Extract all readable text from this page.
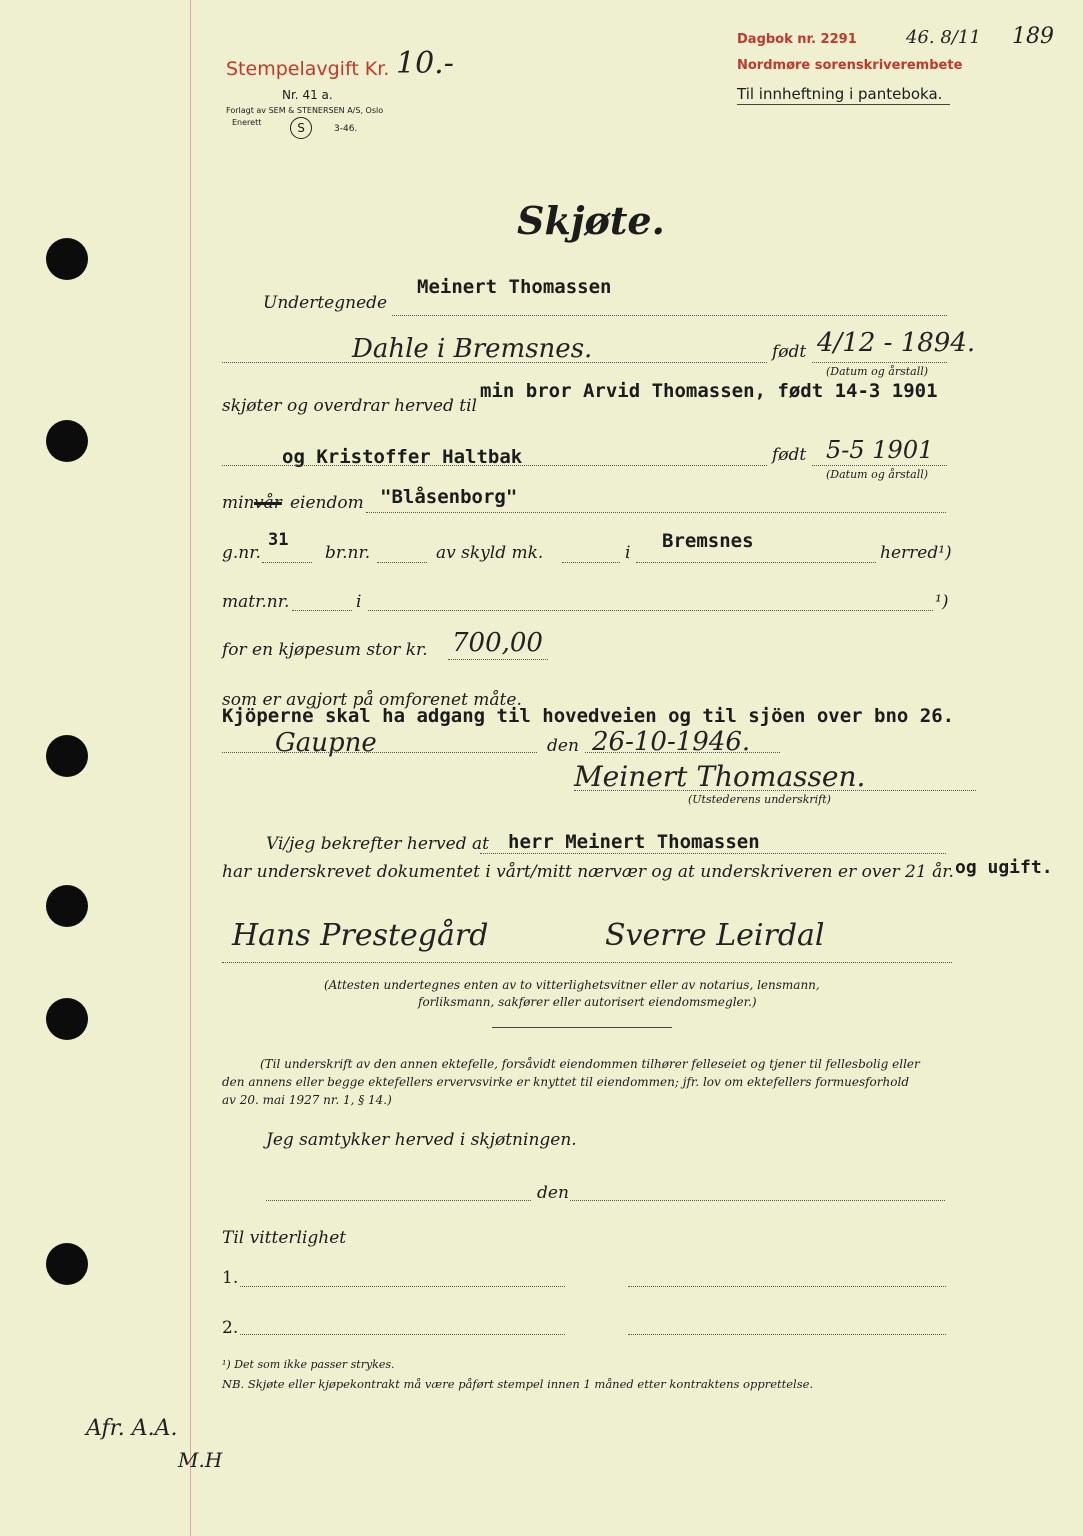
Stempelavgift Kr. 10.-
Nr. 41 a.
Forlagt av SEM & STENERSEN A/S, Oslo
Enerett	S	3-46.
Dagbok nr. 2291	46. 8/11 189
Nordmøre sorenskriverembete
Til innheftning i panteboka.
Skjøte.
Meinert Thomassen
Undertegnede
Dahle i Bremsnes.	født 4/12 - 1894.
(Datum og årstall)
skjøter og overdrar herved til
min bror Arvid Thomassen, født 14-3 1901
og Kristoffer Haltbak	født 5-5 1901
(Datum og årstall)
min vår eiendom "Blåsenborg"
g.nr.
31
br.nr.	av skyld mk.	i
Bremsnes
herred¹)
matr.nr.	i	¹)
for en kjøpesum stor kr. 700,00
som er avgjort på omforenet måte.
Kjöperne skal ha adgang til hovedveien og til sjöen over bno 26.
Gaupne	den 26-10-1946.
Meinert Thomassen.
(Utstederens underskrift)
Vi/jeg bekrefter herved at herr Meinert Thomassen
har underskrevet dokumentet i vårt/mitt nærvær og at underskriveren er over 21 år. og ugift.
Hans Prestegård	Sverre Leirdal
(Attesten undertegnes enten av to vitterlighetsvitner eller av notarius, lensmann,
forliksmann, sakfører eller autorisert eiendomsmegler.)
(Til underskrift av den annen ektefelle, forsåvidt eiendommen tilhører felleseiet og tjener til fellesbolig eller
den annens eller begge ektefellers ervervsvirke er knyttet til eiendommen; jfr. lov om ektefellers formuesforhold
av 20. mai 1927 nr. 1, § 14.)
Jeg samtykker herved i skjøtningen.
den
Til vitterlighet
1.
2.
¹) Det som ikke passer strykes.
NB. Skjøte eller kjøpekontrakt må være påført stempel innen 1 måned etter kontraktens opprettelse.
Afr. A.A.
M.H
